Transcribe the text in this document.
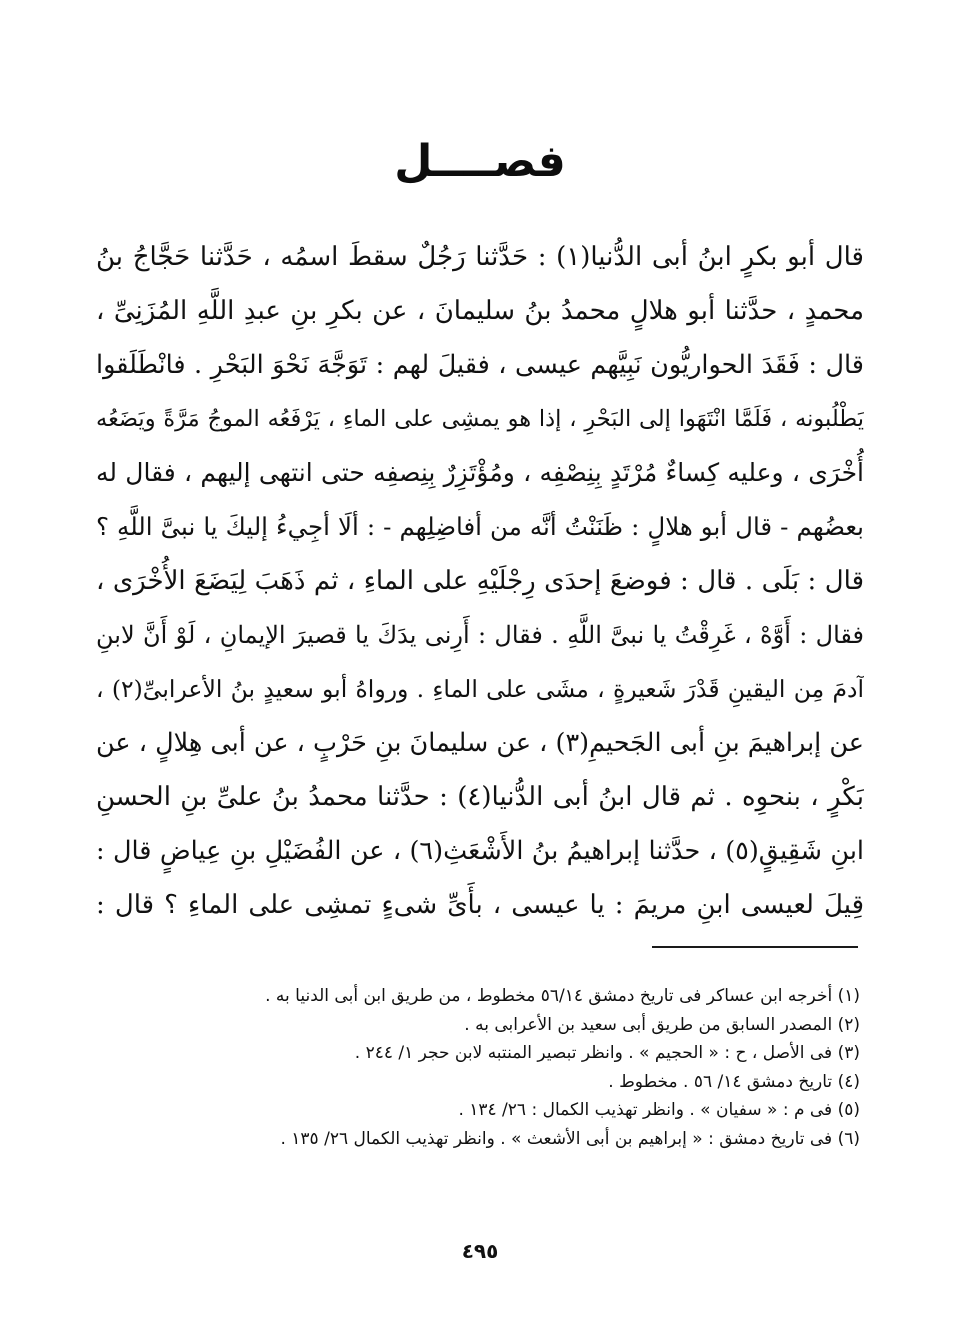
فصــــل
قال أبو بكرٍ ابنُ أبى الدُّنيا(١) : حَدَّثنا رَجُلٌ سقطَ اسمُه ، حَدَّثنا حَجَّاجُ بنُ
محمدٍ ، حدَّثنا أبو هلالٍ محمدُ بنُ سليمانَ ، عن بكرِ بنِ عبدِ اللَّهِ المُزَنِىِّ ،
قال : فَقَدَ الحواريُّون نَبِيَّهم عيسى ، فقيلَ لهم : تَوَجَّهَ نَحْوَ البَحْرِ . فانْطَلَقوا
يَطْلُبونه ، فَلَمَّا انْتَهَوا إلى البَحْرِ ، إذا هو يمشِى على الماءِ ، يَرْفَعُه الموجُ مَرَّةً ويَضَعُه
أُخْرَى ، وعليه كِساءٌ مُرْتَدٍ بِنِصْفِه ، ومُؤْتَزِرٌ بِنِصفِه حتى انتهى إليهم ، فقال له
بعضُهم - قال أبو هلالٍ : ظَنَنْتُ أنَّه من أفاضِلِهم - : ألَا أجِيءُ إليكَ يا نبىَّ اللَّهِ ؟
قال : بَلَى . قال : فوضعَ إحدَى رِجْلَيْهِ على الماءِ ، ثم ذَهَبَ لِيَضَعَ الأُخْرَى ،
فقال : أَوَّهْ ، غَرِقْتُ يا نبىَّ اللَّهِ . فقال : أَرِنى يدَكَ يا قصيرَ الإيمانِ ، لَوْ أَنَّ لابنِ
آدمَ مِن اليقينِ قَدْرَ شَعيرةٍ ، مشَى على الماءِ . ورواهُ أبو سعيدٍ بنُ الأعرابىِّ(٢) ،
عن إبراهيمَ بنِ أبى الجَحيمِ(٣) ، عن سليمانَ بنِ حَرْبٍ ، عن أبى هِلالٍ ، عن
بَكْرٍ ، بنحوِه . ثم قال ابنُ أبى الدُّنيا(٤) : حدَّثنا محمدُ بنُ علىِّ بنِ الحسنِ
ابنِ شَقِيقٍ(٥) ، حدَّثنا إبراهيمُ بنُ الأَشْعَثِ(٦) ، عن الفُضَيْلِ بنِ عِياضٍ قال :
قِيلَ لعيسى ابنِ مريمَ : يا عيسى ، بأَىِّ شىءٍ تمشِى على الماءِ ؟ قال :
(١) أخرجه ابن عساكر فى تاريخ دمشق ٥٦/١٤ مخطوط ، من طريق ابن أبى الدنيا به .
(٢) المصدر السابق من طريق أبى سعيد بن الأعرابى به .
(٣) فى الأصل ، ح : « الحجيم » . وانظر تبصير المنتبه لابن حجر ١/ ٢٤٤ .
(٤) تاريخ دمشق ١٤/ ٥٦ . مخطوط .
(٥) فى م : « سفيان » . وانظر تهذيب الكمال : ٢٦/ ١٣٤ .
(٦) فى تاريخ دمشق : « إبراهيم بن أبى الأشعث » . وانظر تهذيب الكمال ٢٦/ ١٣٥ .
٤٩٥
